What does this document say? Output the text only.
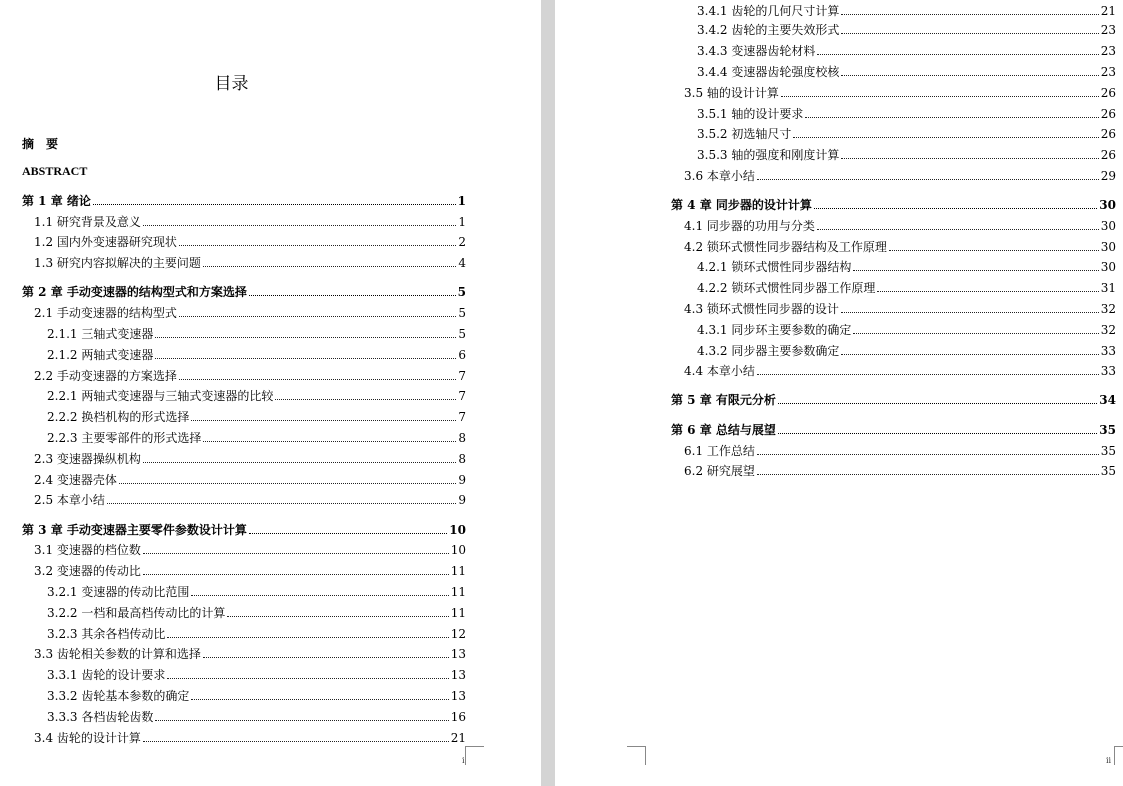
目录
摘　要
ABSTRACT
第 1 章 绪论	1
1.1 研究背景及意义	1
1.2 国内外变速器研究现状	2
1.3 研究内容拟解决的主要问题	4
第 2 章 手动变速器的结构型式和方案选择	5
2.1 手动变速器的结构型式	5
2.1.1 三轴式变速器	5
2.1.2 两轴式变速器	6
2.2 手动变速器的方案选择	7
2.2.1 两轴式变速器与三轴式变速器的比较	7
2.2.2 换档机构的形式选择	7
2.2.3 主要零部件的形式选择	8
2.3 变速器操纵机构	8
2.4 变速器壳体	9
2.5 本章小结	9
第 3 章 手动变速器主要零件参数设计计算	10
3.1 变速器的档位数	10
3.2 变速器的传动比	11
3.2.1 变速器的传动比范围	11
3.2.2 一档和最高档传动比的计算	11
3.2.3 其余各档传动比	12
3.3 齿轮相关参数的计算和选择	13
3.3.1 齿轮的设计要求	13
3.3.2 齿轮基本参数的确定	13
3.3.3 各档齿轮齿数	16
3.4 齿轮的设计计算	21
i
3.4.1 齿轮的几何尺寸计算	21
3.4.2 齿轮的主要失效形式	23
3.4.3 变速器齿轮材料	23
3.4.4 变速器齿轮强度校核	23
3.5 轴的设计计算	26
3.5.1 轴的设计要求	26
3.5.2 初选轴尺寸	26
3.5.3 轴的强度和刚度计算	26
3.6 本章小结	29
第 4 章 同步器的设计计算	30
4.1 同步器的功用与分类	30
4.2 锁环式惯性同步器结构及工作原理	30
4.2.1 锁环式惯性同步器结构	30
4.2.2 锁环式惯性同步器工作原理	31
4.3 锁环式惯性同步器的设计	32
4.3.1 同步环主要参数的确定	32
4.3.2 同步器主要参数确定	33
4.4 本章小结	33
第 5 章 有限元分析	34
第 6 章 总结与展望	35
6.1 工作总结	35
6.2 研究展望	35
ii
